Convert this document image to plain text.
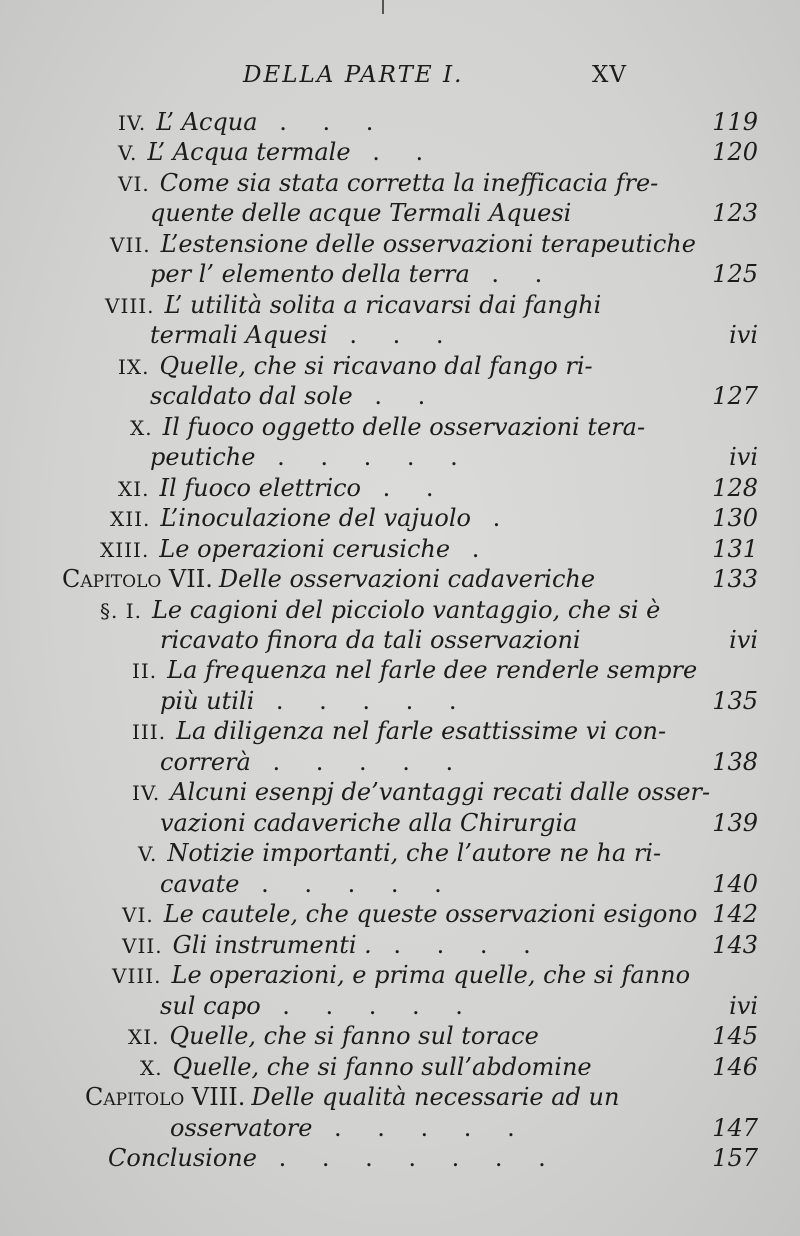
DELLA PARTE I.	XV
IV. L’ Acqua . . .	119
V. L’ Acqua termale . .	120
VI. Come sia stata corretta la inefficacia fre-
quente delle acque Termali Aquesi	123
VII. L’estensione delle osservazioni terapeutiche
per l’ elemento della terra . .	125
VIII. L’ utilità solita a ricavarsi dai fanghi
termali Aquesi . . .	ivi
IX. Quelle, che si ricavano dal fango ri-
scaldato dal sole . .	127
X. Il fuoco oggetto delle osservazioni tera-
peutiche . . . . .	ivi
XI. Il fuoco elettrico . .	128
XII. L’inoculazione del vajuolo .	130
XIII. Le operazioni cerusiche .	131
Capitolo VII. Delle osservazioni cadaveriche	133
§. I. Le cagioni del picciolo vantaggio, che si è
ricavato finora da tali osservazioni	ivi
II. La frequenza nel farle dee renderle sempre
più utili . . . . .	135
III. La diligenza nel farle esattissime vi con-
correrà . . . . .	138
IV. Alcuni esenpj de’vantaggi recati dalle osser-
vazioni cadaveriche alla Chirurgia	139
V. Notizie importanti, che l’autore ne ha ri-
cavate . . . . .	140
VI. Le cautele, che queste osservazioni esigono 142
VII. Gli instrumenti . . . . .	143
VIII. Le operazioni, e prima quelle, che si fanno
sul capo . . . . .	ivi
XI. Quelle, che si fanno sul torace	145
X. Quelle, che si fanno sull’abdomine	146
Capitolo VIII. Delle qualità necessarie ad un
osservatore . . . . .	147
Conclusione . . . . . . .	157
